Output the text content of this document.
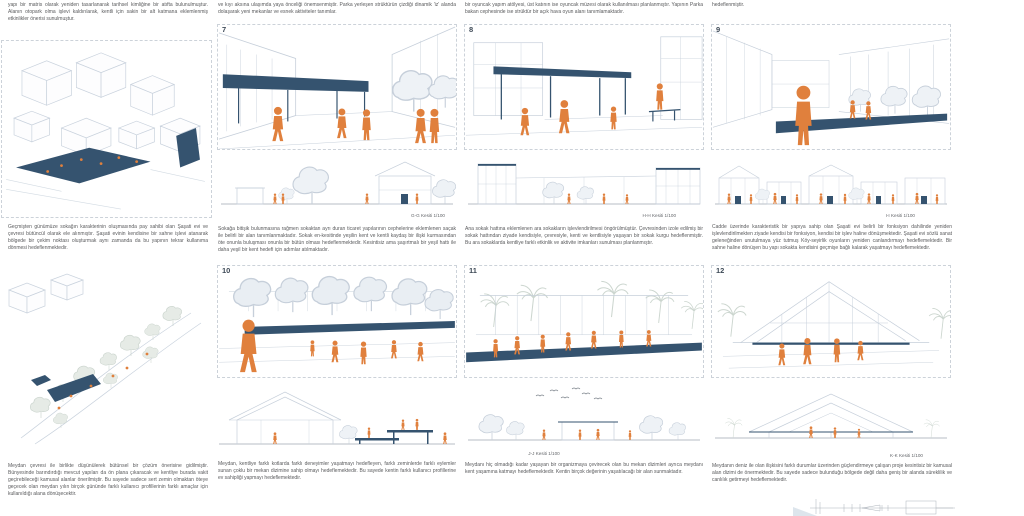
yapı bir matris olarak yeniden tasarlanarak tarihsel kimliğine bir atıfta bulunulmuştur. Alanın otopark olma işlevi kaldırılarak, kentli için sakin bir alt katmana eklemlenmiş etkinlikler önerisi sunulmuştur.

Geçmişten günümüze sokağın karakterinin oluşmasında pay sahibi olan Şaşati evi ve çevresi bütüncül olarak ele alınmıştır. Şaşati evinin kendisine bir sahne işlevi atanarak bölgede bir çekim noktası oluşturmak aynı zamanda da bu yapının tekrar kullanıma dönmesi hedeflenmektedir.

Meydan çevresi ile birlikte düşünülerek bütünsel bir çözüm önerisine gidilmiştir. Bünyesinde barındırdığı mevcut yapıları da ön plana çıkaracak ve kentliye burada vakit geçirebileceği kamusal alanlar önerilmiştir. Bu sayede sadece sert zemin olmaktan öteye geçecek olan meydan yılın birçok gününde farklı kullanıcı profillerinin farklı amaçlar için kullanıldığı alana dönüşecektir.

ve kıyı aksına ulaşımda yaya önceliği önemsenmiştir. Parka yerleşen strüktürün çizdiği dinamik 'iz' alanda dolaşarak yeni mekanlar ve esnek aktiviteler tanımlar.

7

G-G Kesiti 1/100

Sokağa bitişik bulunmasına rağmen sokaktan ayrı duran ticaret yapılarının cephelerine eklemlenen saçak ile belirli bir alan tanımlanmaktadır. Sokak en-kesitinde yeşilin kent ve kentli kaydaş bir ilişki kurmasından öte onunla buluşması onunla bir bütün olması hedeflenmektedir. Kesintisiz ama şaşırtmalı bir yeşil hattı ile daha yeşil bir kent hedefi için adımlar atılmaktadır.

10

Meydan, kentliye farklı kotlarda farklı deneyimler yaşatmayı hedefleyen, farklı zeminlerde farklı eylemler sunan çoklu bir mekan dizimine sahip olmayı hedeflemektedir. Bu sayede kentin farklı kullanıcı profillerine ev sahipliği yapmayı hedeflemektedir.

bir oyuncak yapım atölyesi, üst katının ise oyuncak müzesi olarak kullanılması planlanmıştır. Yapının Parka bakan cephesinde ise strüktür bir açık hava oyun alanı tanımlamaktadır.

8

H-H Kesiti 1/100

Ana sokak hattına eklemlenen ara sokakların işlevlendirilmesi öngörülmüştür. Çevresinden izole edilmiş bir sokak hattından ziyade kendisiyle, çevresiyle, kenti ve kentlisiyle yaşayan bir sokak kurgu hedeflenmiştir. Bu ara sokaklarda kentliye farklı etkinlik ve aktivite imkanları sunulması planlanmıştır.

11

J-J Kesiti 1/100

Meydanı hiç olmadığı kadar yaşayan bir organizmaya çevirecek olan bu mekan dizimleri ayrıca meydanı kent yaşamına katmayı hedeflemektedir. Kentin birçok değerinin yaşatılacağı bir alan sunmaktadır.

hedeflenmiştir.

9

I-I Kesiti 1/100

Cadde üzerinde karakteristik bir yapıya sahip olan Şaşati evi belirli bir fonksiyon dahilinde yeniden işlevlendirilmekten ziyade kendisi bir fonksiyon, kendisi bir işlev haline dönüşmektedir. Şaşati evi sözlü sanat geleneğinden unutulmaya yüz tutmuş Köy-seyirlik oyunların yeniden canlandırmayı hedeflemektedir. Bir sahne haline dönüşen bu yapı sokakta kendisini geçmişe bağlı kalarak yaşatmayı hedeflemektedir.

12

K-K Kesiti 1/100

Meydanın deniz ile olan ilişkisini farklı durumlar üzerinden güçlendirmeye çalışan proje kesintisiz bir kamusal alan dizimi de önermektedir. Bu sayede sadece bulunduğu bölgede değil daha geniş bir alanda süreklilik ve canlılık getirmeyi hedeflemektedir.
